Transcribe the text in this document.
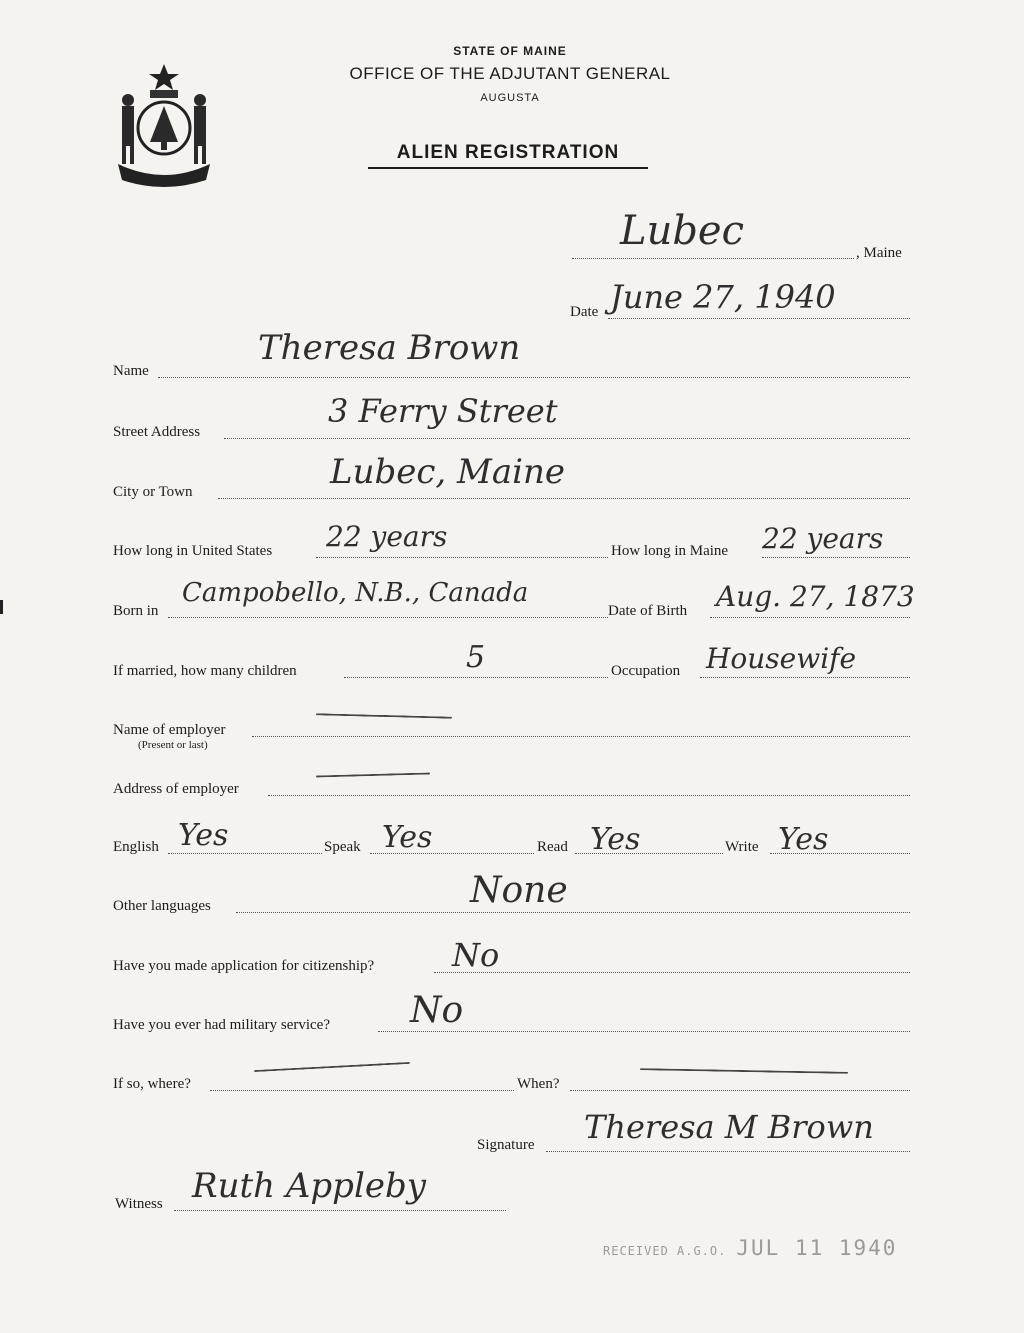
STATE OF MAINE
OFFICE OF THE ADJUTANT GENERAL
AUGUSTA
ALIEN REGISTRATION
Lubec	, Maine
Date June 27, 1940
Name
Theresa Brown
Street Address
3 Ferry Street
City or Town	Lubec, Maine
How long in United States 22 years	How long in Maine 22 years
Born in
Campobello, N.B., Canada
Date of Birth Aug. 27, 1873
If married, how many children	5	Occupation Housewife
Name of employer
(Present or last)
Address of employer
English Yes	Speak Yes	Read Yes	Write Yes
Other languages	None
Have you made application for citizenship? No
Have you ever had military service? No
If so, where?	When?
Signature Theresa M Brown
Witness Ruth Appleby
RECEIVED A.G.O. JUL 11 1940
